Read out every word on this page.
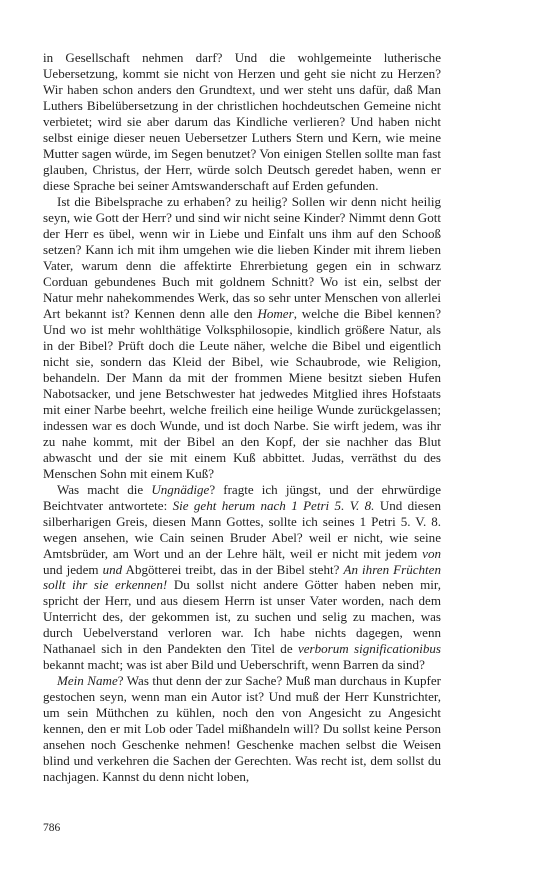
in Gesellschaft nehmen darf? Und die wohlgemeinte lutherische Uebersetzung, kommt sie nicht von Herzen und geht sie nicht zu Herzen? Wir haben schon anders den Grundtext, und wer steht uns dafür, daß Man Luthers Bibelübersetzung in der christlichen hochdeutschen Gemeine nicht verbietet; wird sie aber darum das Kindliche verlieren? Und haben nicht selbst einige dieser neuen Uebersetzer Luthers Stern und Kern, wie meine Mutter sagen würde, im Segen benutzet? Von einigen Stellen sollte man fast glauben, Christus, der Herr, würde solch Deutsch geredet haben, wenn er diese Sprache bei seiner Amtswanderschaft auf Erden gefunden.

Ist die Bibelsprache zu erhaben? zu heilig? Sollen wir denn nicht heilig seyn, wie Gott der Herr? und sind wir nicht seine Kinder? Nimmt denn Gott der Herr es übel, wenn wir in Liebe und Einfalt uns ihm auf den Schooß setzen? Kann ich mit ihm umgehen wie die lieben Kinder mit ihrem lieben Vater, warum denn die affektirte Ehrerbietung gegen ein in schwarz Corduan gebundenes Buch mit goldnem Schnitt? Wo ist ein, selbst der Natur mehr nahekommendes Werk, das so sehr unter Menschen von allerlei Art bekannt ist? Kennen denn alle den Homer, welche die Bibel kennen? Und wo ist mehr wohlthätige Volksphilosopie, kindlich größere Natur, als in der Bibel? Prüft doch die Leute näher, welche die Bibel und eigentlich nicht sie, sondern das Kleid der Bibel, wie Schaubrode, wie Religion, behandeln. Der Mann da mit der frommen Miene besitzt sieben Hufen Nabotsacker, und jene Betschwester hat jedwedes Mitglied ihres Hofstaats mit einer Narbe beehrt, welche freilich eine heilige Wunde zurückgelassen; indessen war es doch Wunde, und ist doch Narbe. Sie wirft jedem, was ihr zu nahe kommt, mit der Bibel an den Kopf, der sie nachher das Blut abwascht und der sie mit einem Kuß abbittet. Judas, verräthst du des Menschen Sohn mit einem Kuß?

Was macht die Ungnädige? fragte ich jüngst, und der ehrwürdige Beichtvater antwortete: Sie geht herum nach 1 Petri 5. V. 8. Und diesen silberharigen Greis, diesen Mann Gottes, sollte ich seines 1 Petri 5. V. 8. wegen ansehen, wie Cain seinen Bruder Abel? weil er nicht, wie seine Amtsbrüder, am Wort und an der Lehre hält, weil er nicht mit jedem von und jedem und Abgötterei treibt, das in der Bibel steht? An ihren Früchten sollt ihr sie erkennen! Du sollst nicht andere Götter haben neben mir, spricht der Herr, und aus diesem Herrn ist unser Vater worden, nach dem Unterricht des, der gekommen ist, zu suchen und selig zu machen, was durch Uebelverstand verloren war. Ich habe nichts dagegen, wenn Nathanael sich in den Pandekten den Titel de verborum significationibus bekannt macht; was ist aber Bild und Ueberschrift, wenn Barren da sind?

Mein Name? Was thut denn der zur Sache? Muß man durchaus in Kupfer gestochen seyn, wenn man ein Autor ist? Und muß der Herr Kunstrichter, um sein Müthchen zu kühlen, noch den von Angesicht zu Angesicht kennen, den er mit Lob oder Tadel mißhandeln will? Du sollst keine Person ansehen noch Geschenke nehmen! Geschenke machen selbst die Weisen blind und verkehren die Sachen der Gerechten. Was recht ist, dem sollst du nachjagen. Kannst du denn nicht loben,

786
